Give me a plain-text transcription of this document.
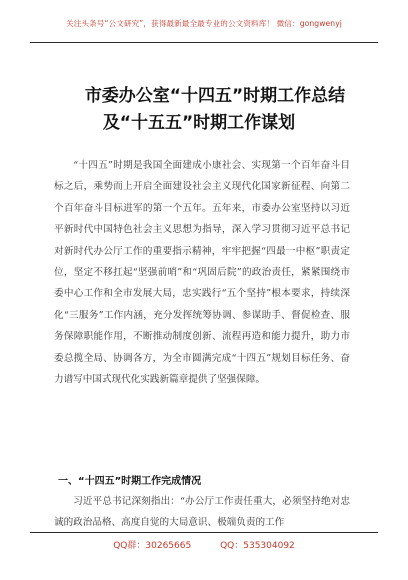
关注头条号“公文研究”，获得最新最全最专业的公文资料库！ 微信：gongwenyj
市委办公室“十四五”时期工作总结
及“十五五”时期工作谋划

“十四五”时期是我国全面建成小康社会、实现第一个百年奋斗目标之后，乘势而上开启全面建设社会主义现代化国家新征程、向第二个百年奋斗目标进军的第一个五年。五年来，市委办公室坚持以习近平新时代中国特色社会主义思想为指导，深入学习贯彻习近平总书记对新时代办公厅工作的重要指示精神，牢牢把握“四最一中枢”职责定位，坚定不移扛起“坚强前哨”和“巩固后院”的政治责任，紧紧围绕市委中心工作和全市发展大局，忠实践行“五个坚持”根本要求，持续深化“三服务”工作内涵，充分发挥统筹协调、参谋助手、督促检查、服务保障职能作用，不断推动制度创新、流程再造和能力提升，助力市委总揽全局、协调各方，为全市圆满完成“十四五”规划目标任务、奋力谱写中国式现代化实践新篇章提供了坚强保障。

一、“十四五”时期工作完成情况

习近平总书记深刻指出：“办公厅工作责任重大，必须坚持绝对忠诚的政治品格、高度自觉的大局意识、极端负责的工作

QQ群：30265665	QQ：535304092
